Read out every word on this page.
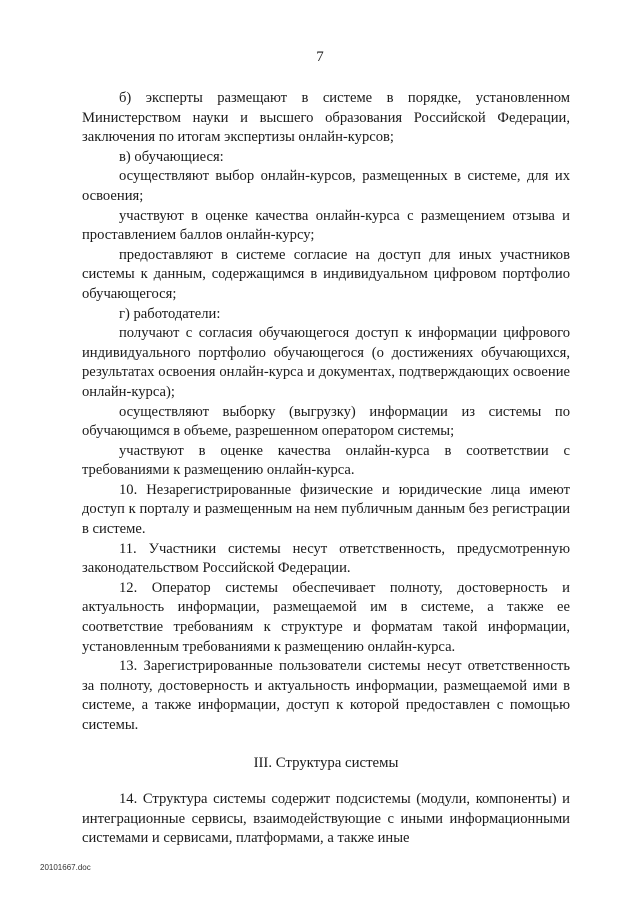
7

б) эксперты размещают в системе в порядке, установленном Министерством науки и высшего образования Российской Федерации, заключения по итогам экспертизы онлайн-курсов;

в) обучающиеся:

осуществляют выбор онлайн-курсов, размещенных в системе, для их освоения;

участвуют в оценке качества онлайн-курса с размещением отзыва и проставлением баллов онлайн-курсу;

предоставляют в системе согласие на доступ для иных участников системы к данным, содержащимся в индивидуальном цифровом портфолио обучающегося;

г) работодатели:

получают с согласия обучающегося доступ к информации цифрового индивидуального портфолио обучающегося (о достижениях обучающихся, результатах освоения онлайн-курса и документах, подтверждающих освоение онлайн-курса);

осуществляют выборку (выгрузку) информации из системы по обучающимся в объеме, разрешенном оператором системы;

участвуют в оценке качества онлайн-курса в соответствии с требованиями к размещению онлайн-курса.

10. Незарегистрированные физические и юридические лица имеют доступ к порталу и размещенным на нем публичным данным без регистрации в системе.

11. Участники системы несут ответственность, предусмотренную законодательством Российской Федерации.

12. Оператор системы обеспечивает полноту, достоверность и актуальность информации, размещаемой им в системе, а также ее соответствие требованиям к структуре и форматам такой информации, установленным требованиями к размещению онлайн-курса.

13. Зарегистрированные пользователи системы несут ответственность за полноту, достоверность и актуальность информации, размещаемой ими в системе, а также информации, доступ к которой предоставлен с помощью системы.

III. Структура системы

14. Структура системы содержит подсистемы (модули, компоненты) и интеграционные сервисы, взаимодействующие с иными информационными системами и сервисами, платформами, а также иные

20101667.doc
